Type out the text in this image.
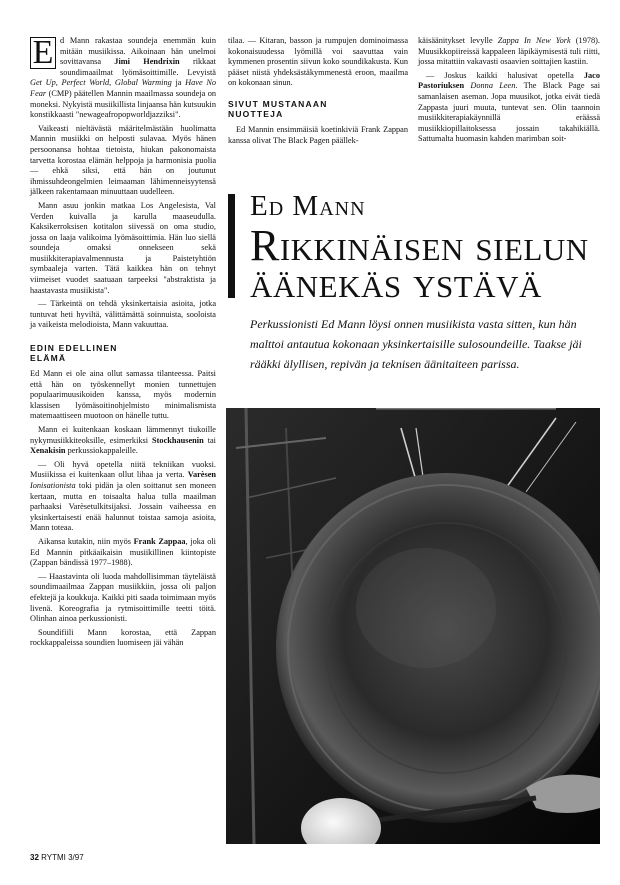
E d Mann rakastaa soundeja enemmän kuin mitään musiikissa. Aikoinaan hän unelmoi sovittavansa Jimi Hendrixin rikkaat soundimaailmat lyömäsoittimille. Levyistä Get Up, Perfect World, Global Warming ja Have No Fear (CMP) päätellen Mannin maailmassa soundeja on moneksi. Nykyistä musiikillista linjaansa hän kutsuukin konstikkaasti "newageafropopworldjazziksi".

Vaikeasti nieltävästä määritelmästään huolimatta Mannin musiikki on helposti sulavaa. Myös hänen persoonansa hohtaa tietoista, hiukan pakonomaista tarvetta korostaa elämän helppoja ja harmonisia puolia — ehkä siksi, että hän on joutunut ihmissuhdeongelmien leimaaman lähimenneisyytensä jälkeen rakentamaan minuuttaan uudelleen.

Mann asuu jonkin matkaa Los Angelesista, Val Verden kuivalla ja karulla maaseudulla. Kaksikerroksisen kotitalon siivessä on oma studio, jossa on laaja valikoima lyömäsoittimia. Hän luo siellä soundeja omaksi onnekseen sekä musiikkiterapiavalmennusta ja Paistetyhtiön symbaaleja varten. Tätä kaikkea hän on tehnyt viimeiset vuodet saatuaan tarpeeksi "abstraktista ja haastavasta musiikista".

— Tärkeintä on tehdä yksinkertaisia asioita, jotka tuntuvat heti hyviltä, välittämättä soinnuista, sooloista ja vaikeista melodioista, Mann vakuuttaa.

EDIN EDELLINEN
ELÄMÄ

Ed Mann ei ole aina ollut samassa tilanteessa. Paitsi että hän on työskennellyt monien tunnettujen populaarimuusikoiden kanssa, myös modernin klassisen lyömäsoitinohjelmisto minimalismista matemaattiseen muotoon on hänelle tuttu.

Mann ei kuitenkaan koskaan lämmennyt tiukoille nykymusiikkiteoksille, esimerkiksi Stockhausenin tai Xenakisin perkussiokappaleille.

— Oli hyvä opetella niitä tekniikan vuoksi. Musiikissa ei kuitenkaan ollut lihaa ja verta. Varèsen Ionisationista toki pidän ja olen soittanut sen moneen kertaan, mutta en toisaalta halua tulla maailman parhaaksi Varèsetulkitsijaksi. Jossain vaiheessa en yksinkertaisesti enää halunnut toistaa samoja asioita, Mann toteaa.

Aikansa kutakin, niin myös Frank Zappaa, joka oli Ed Mannin pitkäaikaisin musiikillinen kiintopiste (Zappan bändissä 1977–1988).

— Haastavinta oli luoda mahdollisimman täyteläistä soundimaailmaa Zappan musiikkiin, jossa oli paljon efektejä ja koukkuja. Kaikki piti saada toimimaan myös livenä. Koreografia ja rytmisoittimille teetti töitä. Olinhan ainoa perkussionisti.

Soundifiili Mann korostaa, että Zappan rockkappaleissa soundien luomiseen jäi vähän

tilaa. — Kitaran, basson ja rumpujen dominoimassa kokonaisuudessa lyömillä voi saavuttaa vain kymmenen prosentin siivun koko soundikakusta. Kun pääset niistä yhdeksästäkymmenestä eroon, maailma on kokonaan sinun.

SIVUT MUSTANAAN
NUOTTEJA

Ed Mannin ensimmäisiä koetinkiviä Frank Zappan kanssa olivat The Black Pagen päällek-

käisäänitykset levylle Zappa In New York (1978). Muusikkopiireissä kappaleen läpikäymisestä tuli riitti, jossa mitattiin vakavasti osaavien soittajien kastiin.

— Joskus kaikki halusivat opetella Jaco Pastoriuksen Donna Leen. The Black Page sai samanlaisen aseman. Jopa muusikot, jotka eivät tiedä Zappasta juuri muuta, tuntevat sen. Olin taannoin musiikkiterapiakäynnillä eräässä musiikkiopillaitoksessa jossain takahikiällä. Sattumalta huomasin kahden marimban soit-

Ed Mann
Rikkinäisen sielun
äänekäs ystävä
Perkussionisti Ed Mann löysi onnen musiikista vasta sitten, kun hän malttoi antautua kokonaan yksinkertaisille sulosoundeille. Taakse jäi rääkki älyllisen, repivän ja teknisen äänitaiteen parissa.
32 RYTMI 3/97
